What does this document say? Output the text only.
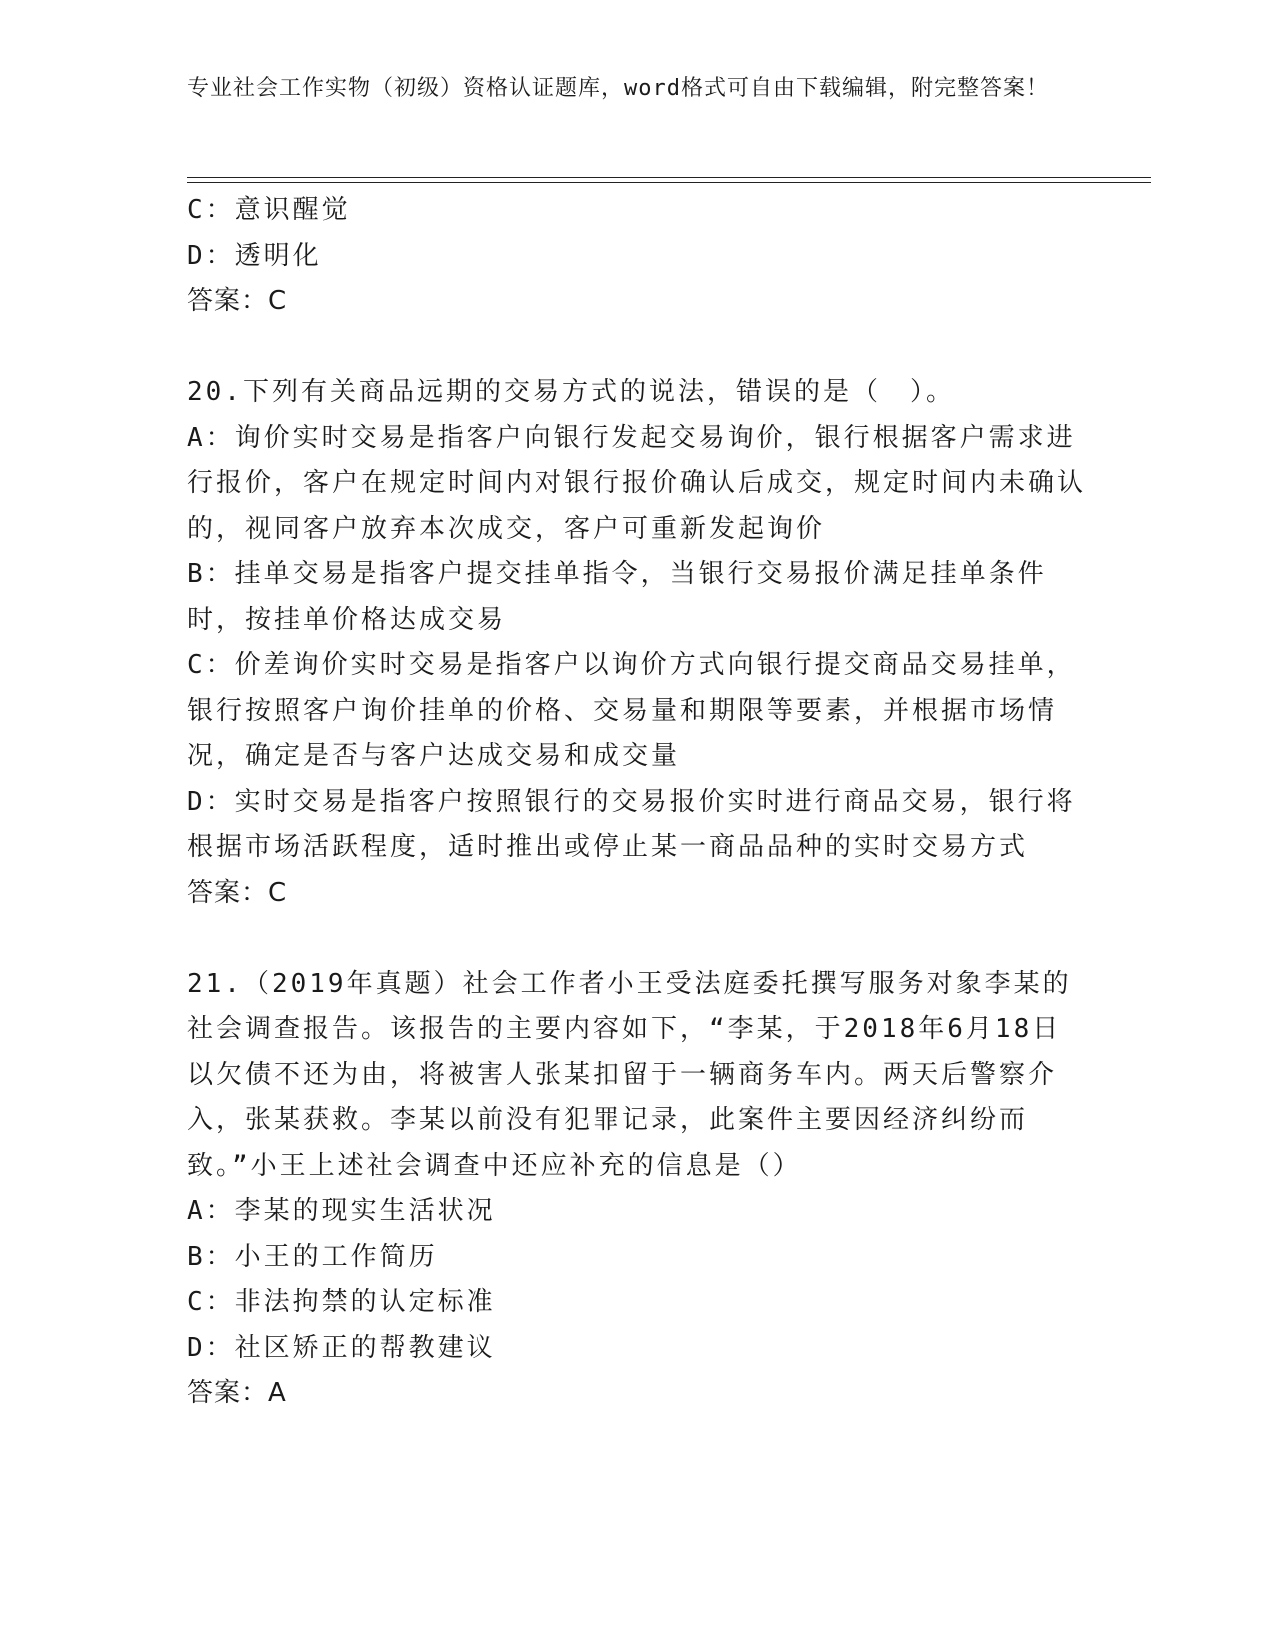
专业社会工作实物（初级）资格认证题库，word格式可自由下载编辑，附完整答案！

C：意识醒觉

D：透明化

答案：C

20.下列有关商品远期的交易方式的说法，错误的是（　）。

A：询价实时交易是指客户向银行发起交易询价，银行根据客户需求进行报价，客户在规定时间内对银行报价确认后成交，规定时间内未确认的，视同客户放弃本次成交，客户可重新发起询价

B：挂单交易是指客户提交挂单指令，当银行交易报价满足挂单条件时，按挂单价格达成交易

C：价差询价实时交易是指客户以询价方式向银行提交商品交易挂单，银行按照客户询价挂单的价格、交易量和期限等要素，并根据市场情况，确定是否与客户达成交易和成交量

D：实时交易是指客户按照银行的交易报价实时进行商品交易，银行将根据市场活跃程度，适时推出或停止某一商品品种的实时交易方式

答案：C

21.（2019年真题）社会工作者小王受法庭委托撰写服务对象李某的社会调查报告。该报告的主要内容如下，“李某，于2018年6月18日以欠债不还为由，将被害人张某扣留于一辆商务车内。两天后警察介入，张某获救。李某以前没有犯罪记录，此案件主要因经济纠纷而致。”小王上述社会调查中还应补充的信息是（）

A：李某的现实生活状况

B：小王的工作简历

C：非法拘禁的认定标准

D：社区矫正的帮教建议

答案：A
